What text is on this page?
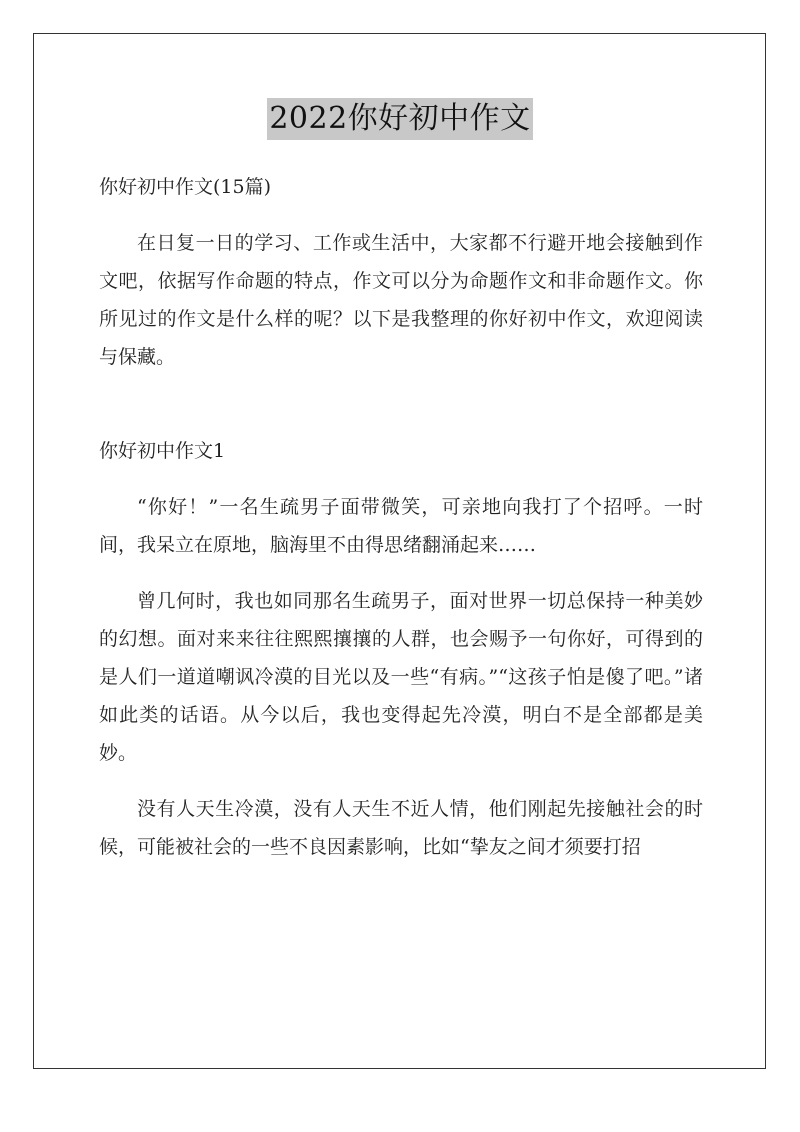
2022你好初中作文
你好初中作文(15篇)

在日复一日的学习、工作或生活中，大家都不行避开地会接触到作文吧，依据写作命题的特点，作文可以分为命题作文和非命题作文。你所见过的作文是什么样的呢？以下是我整理的你好初中作文，欢迎阅读与保藏。

你好初中作文1

“你好！”一名生疏男子面带微笑，可亲地向我打了个招呼。一时间，我呆立在原地，脑海里不由得思绪翻涌起来……

曾几何时，我也如同那名生疏男子，面对世界一切总保持一种美妙的幻想。面对来来往往熙熙攘攘的人群，也会赐予一句你好，可得到的是人们一道道嘲讽冷漠的目光以及一些“有病。”“这孩子怕是傻了吧。”诸如此类的话语。从今以后，我也变得起先冷漠，明白不是全部都是美妙。

没有人天生冷漠，没有人天生不近人情，他们刚起先接触社会的时候，可能被社会的一些不良因素影响，比如“挚友之间才须要打招
